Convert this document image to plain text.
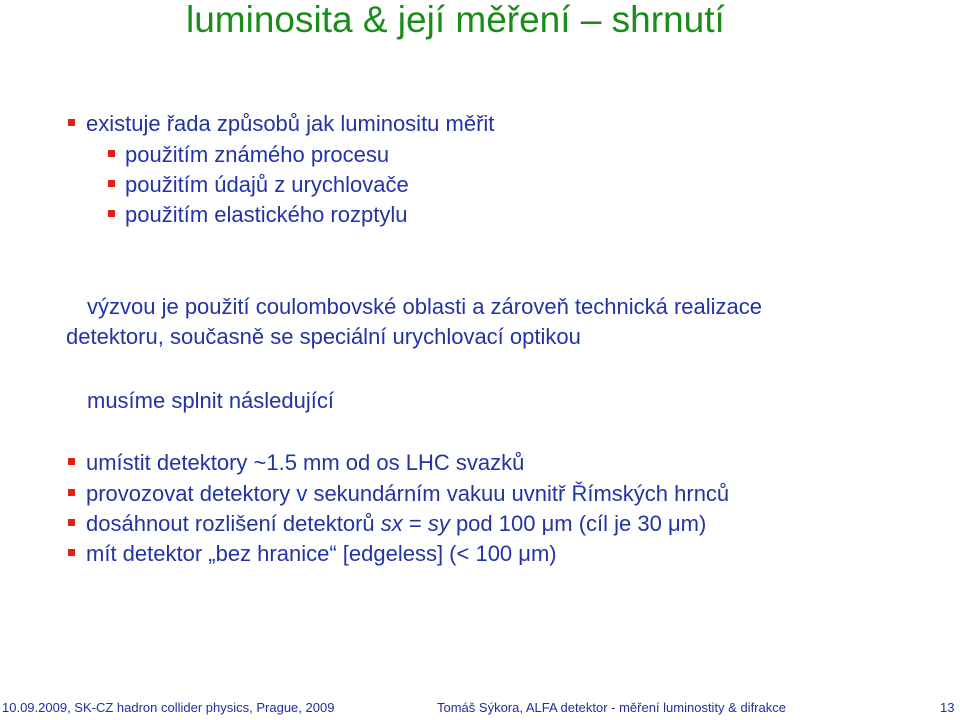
luminosita & její měření – shrnutí
existuje řada způsobů jak luminositu měřit
použitím známého procesu
použitím údajů z urychlovače
použitím elastického rozptylu
výzvou je použití coulombovské oblasti a zároveň technická realizace
detektoru, současně se speciální urychlovací optikou
musíme splnit následující
umístit detektory ~1.5 mm od os LHC svazků
provozovat detektory v sekundárním vakuu uvnitř Římských hrnců
dosáhnout rozlišení detektorů sx = sy pod 100 μm (cíl je 30 μm)
mít detektor „bez hranice“ [edgeless] (< 100 μm)
10.09.2009, SK-CZ hadron collider physics, Prague, 2009	Tomáš Sýkora, ALFA detektor - měření luminostity & difrakce	13
